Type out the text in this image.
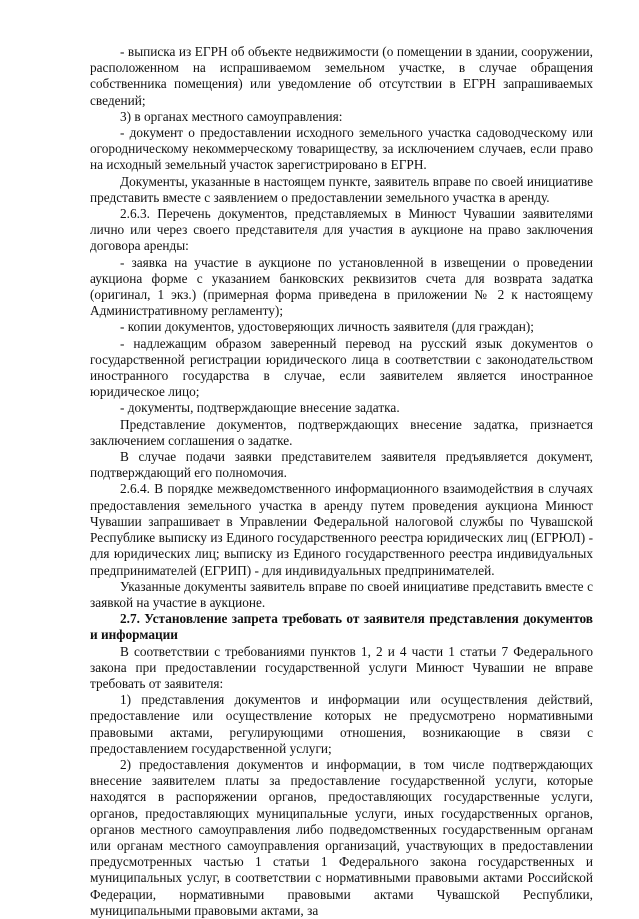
- выписка из ЕГРН об объекте недвижимости (о помещении в здании, сооружении, расположенном на испрашиваемом земельном участке, в случае обращения собственника помещения) или уведомление об отсутствии в ЕГРН запрашиваемых сведений;

3) в органах местного самоуправления:

- документ о предоставлении исходного земельного участка садоводческому или огородническому некоммерческому товариществу, за исключением случаев, если право на исходный земельный участок зарегистрировано в ЕГРН.

Документы, указанные в настоящем пункте, заявитель вправе по своей инициативе представить вместе с заявлением о предоставлении земельного участка в аренду.

2.6.3. Перечень документов, представляемых в Минюст Чувашии заявителями лично или через своего представителя для участия в аукционе на право заключения договора аренды:

- заявка на участие в аукционе по установленной в извещении о проведении аукциона форме с указанием банковских реквизитов счета для возврата задатка (оригинал, 1 экз.) (примерная форма приведена в приложении № 2 к настоящему Административному регламенту);

- копии документов, удостоверяющих личность заявителя (для граждан);

- надлежащим образом заверенный перевод на русский язык документов о государственной регистрации юридического лица в соответствии с законодательством иностранного государства в случае, если заявителем является иностранное юридическое лицо;

- документы, подтверждающие внесение задатка.

Представление документов, подтверждающих внесение задатка, признается заключением соглашения о задатке.

В случае подачи заявки представителем заявителя предъявляется документ, подтверждающий его полномочия.

2.6.4. В порядке межведомственного информационного взаимодействия в случаях предоставления земельного участка в аренду путем проведения аукциона Минюст Чувашии запрашивает в Управлении Федеральной налоговой службы по Чувашской Республике выписку из Единого государственного реестра юридических лиц (ЕГРЮЛ) - для юридических лиц; выписку из Единого государственного реестра индивидуальных предпринимателей (ЕГРИП) - для индивидуальных предпринимателей.

Указанные документы заявитель вправе по своей инициативе представить вместе с заявкой на участие в аукционе.

2.7. Установление запрета требовать от заявителя представления документов и информации

В соответствии с требованиями пунктов 1, 2 и 4 части 1 статьи 7 Федерального закона при предоставлении государственной услуги Минюст Чувашии не вправе требовать от заявителя:

1) представления документов и информации или осуществления действий, предоставление или осуществление которых не предусмотрено нормативными правовыми актами, регулирующими отношения, возникающие в связи с предоставлением государственной услуги;

2) предоставления документов и информации, в том числе подтверждающих внесение заявителем платы за предоставление государственной услуги, которые находятся в распоряжении органов, предоставляющих государственные услуги, органов, предоставляющих муниципальные услуги, иных государственных органов, органов местного самоуправления либо подведомственных государственным органам или органам местного самоуправления организаций, участвующих в предоставлении предусмотренных частью 1 статьи 1 Федерального закона государственных и муниципальных услуг, в соответствии с нормативными правовыми актами Российской Федерации, нормативными правовыми актами Чувашской Республики, муниципальными правовыми актами, за
